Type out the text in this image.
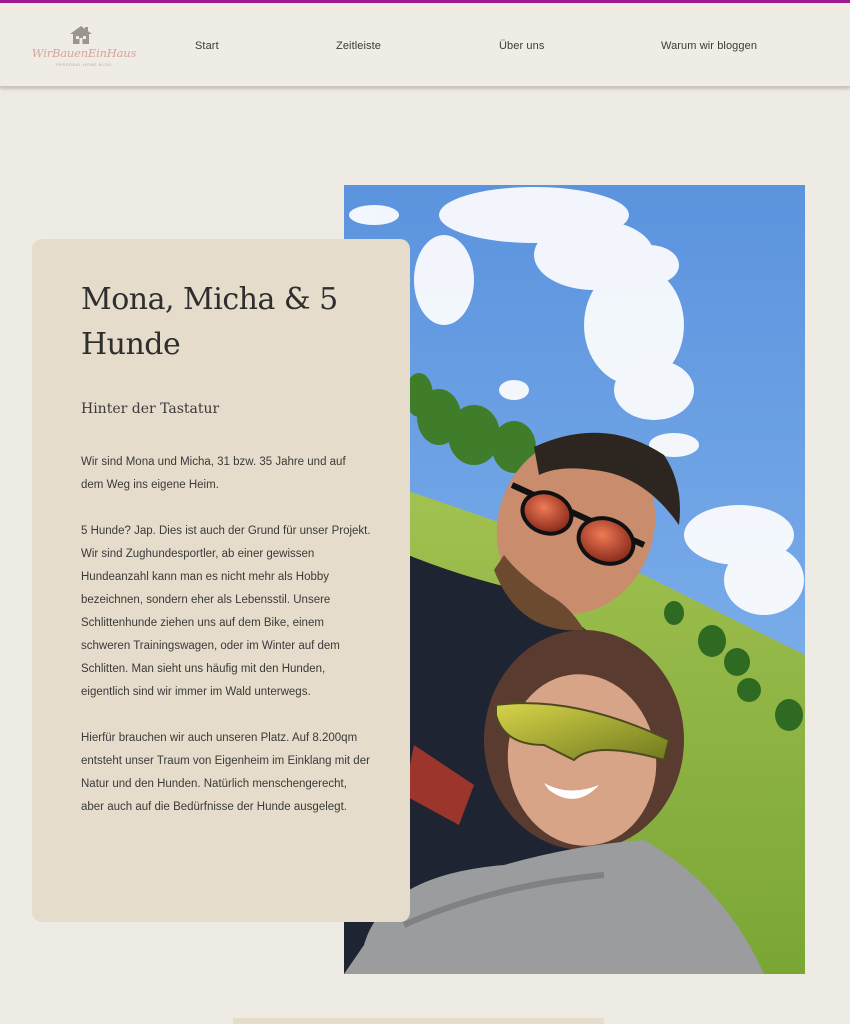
WirBauenEinHaus
PERSONAL HOME BLOG
Start	Zeitleiste	Über uns	Warum wir bloggen
Mona, Micha & 5 Hunde
Hinter der Tastatur

Wir sind Mona und Micha, 31 bzw. 35 Jahre und auf dem Weg ins eigene Heim.

5 Hunde? Jap. Dies ist auch der Grund für unser Projekt. Wir sind Zughundesportler, ab einer gewissen Hundeanzahl kann man es nicht mehr als Hobby bezeichnen, sondern eher als Lebensstil. Unsere Schlittenhunde ziehen uns auf dem Bike, einem schweren Trainingswagen, oder im Winter auf dem Schlitten. Man sieht uns häufig mit den Hunden, eigentlich sind wir immer im Wald unterwegs.

Hierfür brauchen wir auch unseren Platz. Auf 8.200qm entsteht unser Traum von Eigenheim im Einklang mit der Natur und den Hunden. Natürlich menschengerecht, aber auch auf die Bedürfnisse der Hunde ausgelegt.
